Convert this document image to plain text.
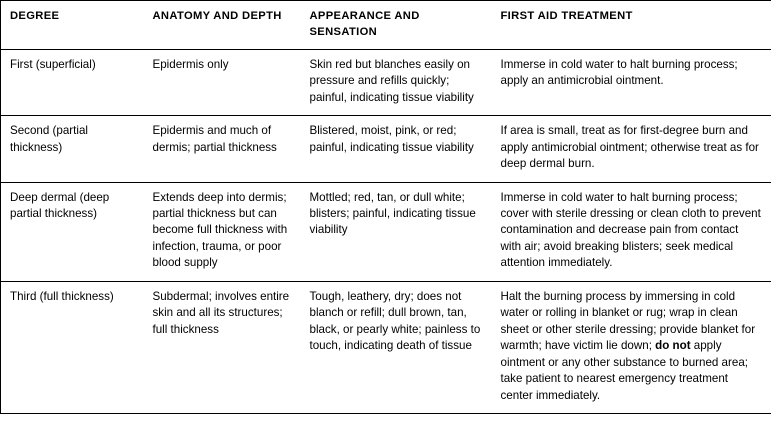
DEGREE	ANATOMY AND DEPTH	APPEARANCE AND SENSATION	FIRST AID TREATMENT

First (superficial)	Epidermis only	Skin red but blanches easily on pressure and refills quickly; painful, indicating tissue viability	Immerse in cold water to halt burning process; apply an antimicrobial ointment.

Second (partial thickness)	Epidermis and much of dermis; partial thickness	Blistered, moist, pink, or red; painful, indicating tissue viability	If area is small, treat as for first-degree burn and apply antimicrobial ointment; otherwise treat as for deep dermal burn.

Deep dermal (deep partial thickness)	Extends deep into dermis; partial thickness but can become full thickness with infection, trauma, or poor blood supply	Mottled; red, tan, or dull white; blisters; painful, indicating tissue viability	Immerse in cold water to halt burning process; cover with sterile dressing or clean cloth to prevent contamination and decrease pain from contact with air; avoid breaking blisters; seek medical attention immediately.

Third (full thickness)	Subdermal; involves entire skin and all its structures; full thickness	Tough, leathery, dry; does not blanch or refill; dull brown, tan, black, or pearly white; painless to touch, indicating death of tissue	Halt the burning process by immersing in cold water or rolling in blanket or rug; wrap in clean sheet or other sterile dressing; provide blanket for warmth; have victim lie down; do not apply ointment or any other substance to burned area; take patient to nearest emergency treatment center immediately.
